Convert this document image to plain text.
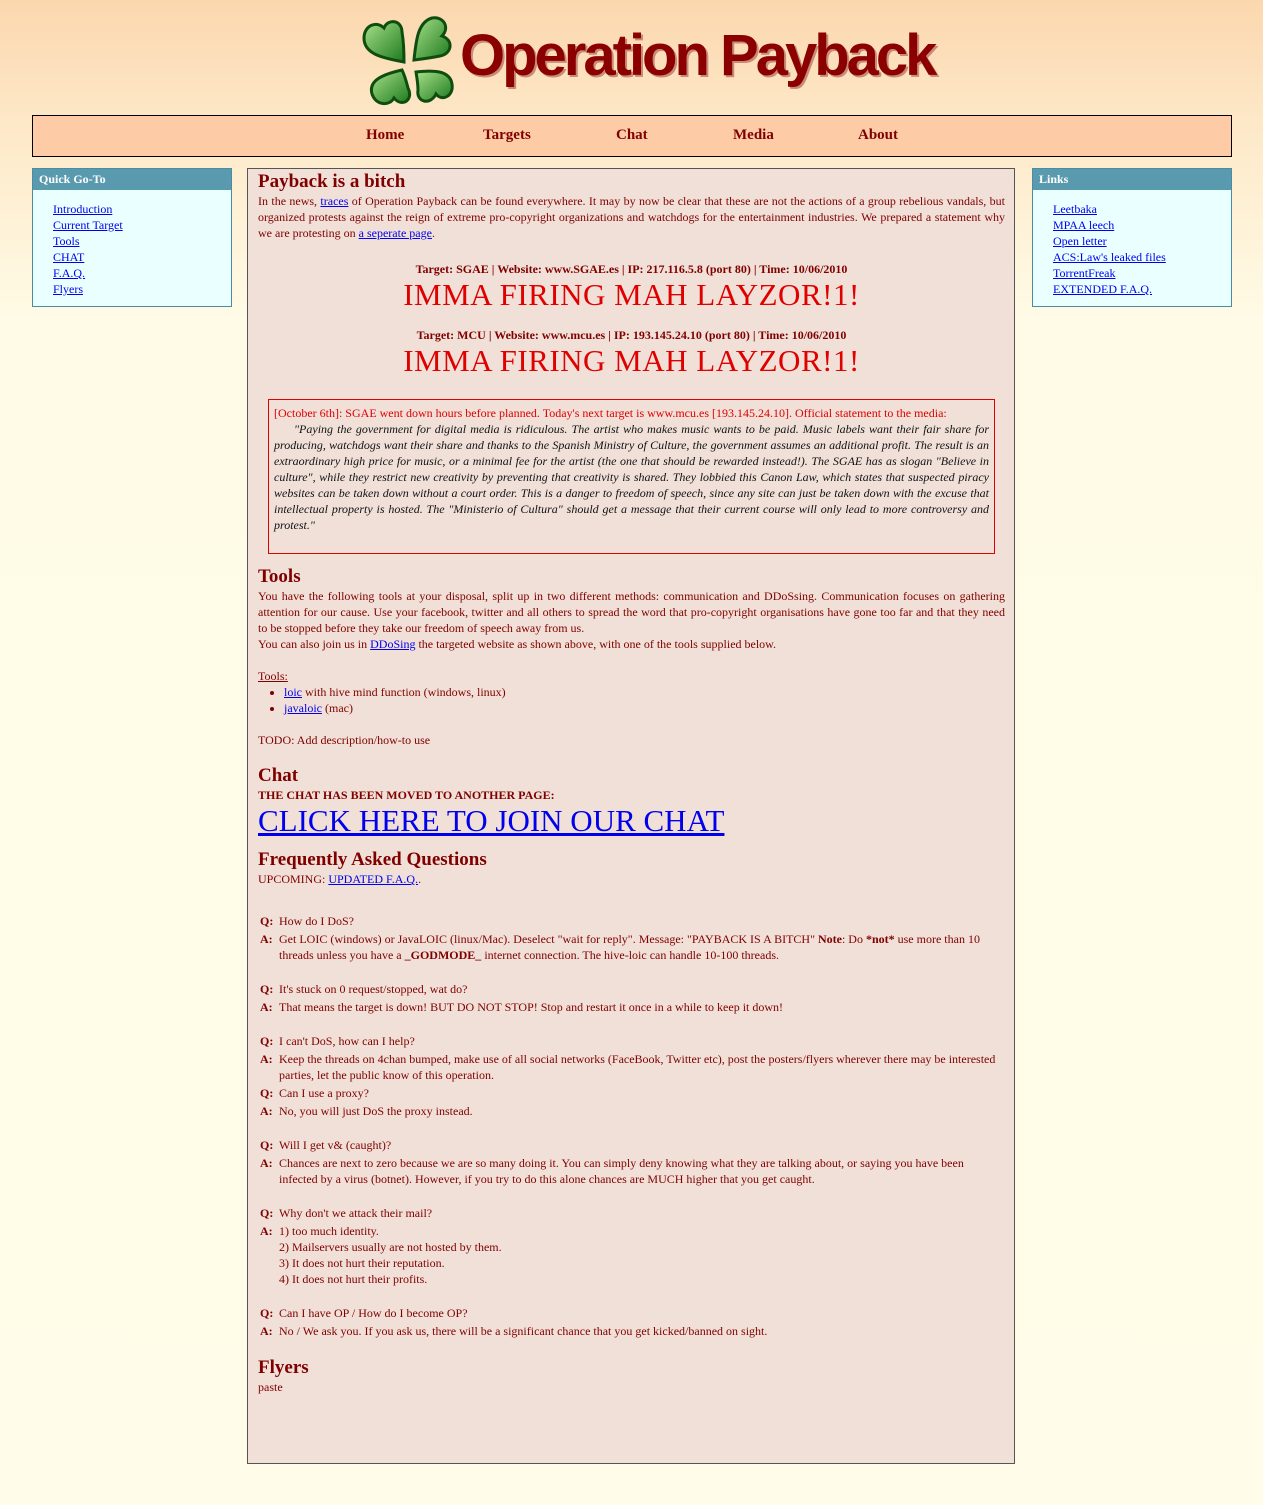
Operation Payback
Home	Targets	Chat	Media	About
Quick Go-To
Introduction
Current Target
Tools
CHAT
F.A.Q.
Flyers
Links
Leetbaka
MPAA leech
Open letter
ACS:Law's leaked files
TorrentFreak
EXTENDED F.A.Q.
Payback is a bitch

In the news, traces of Operation Payback can be found everywhere. It may by now be clear that these are not the actions of a group rebelious vandals, but organized protests against the reign of extreme pro-copyright organizations and watchdogs for the entertainment industries. We prepared a statement why we are protesting on a seperate page.

Target: SGAE | Website: www.SGAE.es | IP: 217.116.5.8 (port 80) | Time: 10/06/2010

IMMA FIRING MAH LAYZOR!1!

Target: MCU | Website: www.mcu.es | IP: 193.145.24.10 (port 80) | Time: 10/06/2010

IMMA FIRING MAH LAYZOR!1!

[October 6th]: SGAE went down hours before planned. Today's next target is www.mcu.es [193.145.24.10]. Official statement to the media:

"Paying the government for digital media is ridiculous. The artist who makes music wants to be paid. Music labels want their fair share for producing, watchdogs want their share and thanks to the Spanish Ministry of Culture, the government assumes an additional profit. The result is an extraordinary high price for music, or a minimal fee for the artist (the one that should be rewarded instead!). The SGAE has as slogan "Believe in culture", while they restrict new creativity by preventing that creativity is shared. They lobbied this Canon Law, which states that suspected piracy websites can be taken down without a court order. This is a danger to freedom of speech, since any site can just be taken down with the excuse that intellectual property is hosted. The "Ministerio of Cultura" should get a message that their current course will only lead to more controversy and protest."

Tools

You have the following tools at your disposal, split up in two different methods: communication and DDoSsing. Communication focuses on gathering attention for our cause. Use your facebook, twitter and all others to spread the word that pro-copyright organisations have gone too far and that they need to be stopped before they take our freedom of speech away from us.

You can also join us in DDoSing the targeted website as shown above, with one of the tools supplied below.

Tools:

• loic with hive mind function (windows, linux)
• javaloic (mac)

TODO: Add description/how-to use

Chat

THE CHAT HAS BEEN MOVED TO ANOTHER PAGE:

CLICK HERE TO JOIN OUR CHAT

Frequently Asked Questions

UPCOMING: UPDATED F.A.Q..

Q: How do I DoS?
A: Get LOIC (windows) or JavaLOIC (linux/Mac). Deselect "wait for reply". Message: "PAYBACK IS A BITCH" Note: Do *not* use more than 10 threads unless you have a _GODMODE_ internet connection. The hive-loic can handle 10-100 threads.
Q: It's stuck on 0 request/stopped, wat do?
A: That means the target is down! BUT DO NOT STOP! Stop and restart it once in a while to keep it down!
Q: I can't DoS, how can I help?
A: Keep the threads on 4chan bumped, make use of all social networks (FaceBook, Twitter etc), post the posters/flyers wherever there may be interested parties, let the public know of this operation.
Q: Can I use a proxy?
A: No, you will just DoS the proxy instead.
Q: Will I get v& (caught)?
A: Chances are next to zero because we are so many doing it. You can simply deny knowing what they are talking about, or saying you have been infected by a virus (botnet). However, if you try to do this alone chances are MUCH higher that you get caught.
Q: Why don't we attack their mail?
A: 1) too much identity.
2) Mailservers usually are not hosted by them.
3) It does not hurt their reputation.
4) It does not hurt their profits.
Q: Can I have OP / How do I become OP?
A: No / We ask you. If you ask us, there will be a significant chance that you get kicked/banned on sight.
Flyers

paste
